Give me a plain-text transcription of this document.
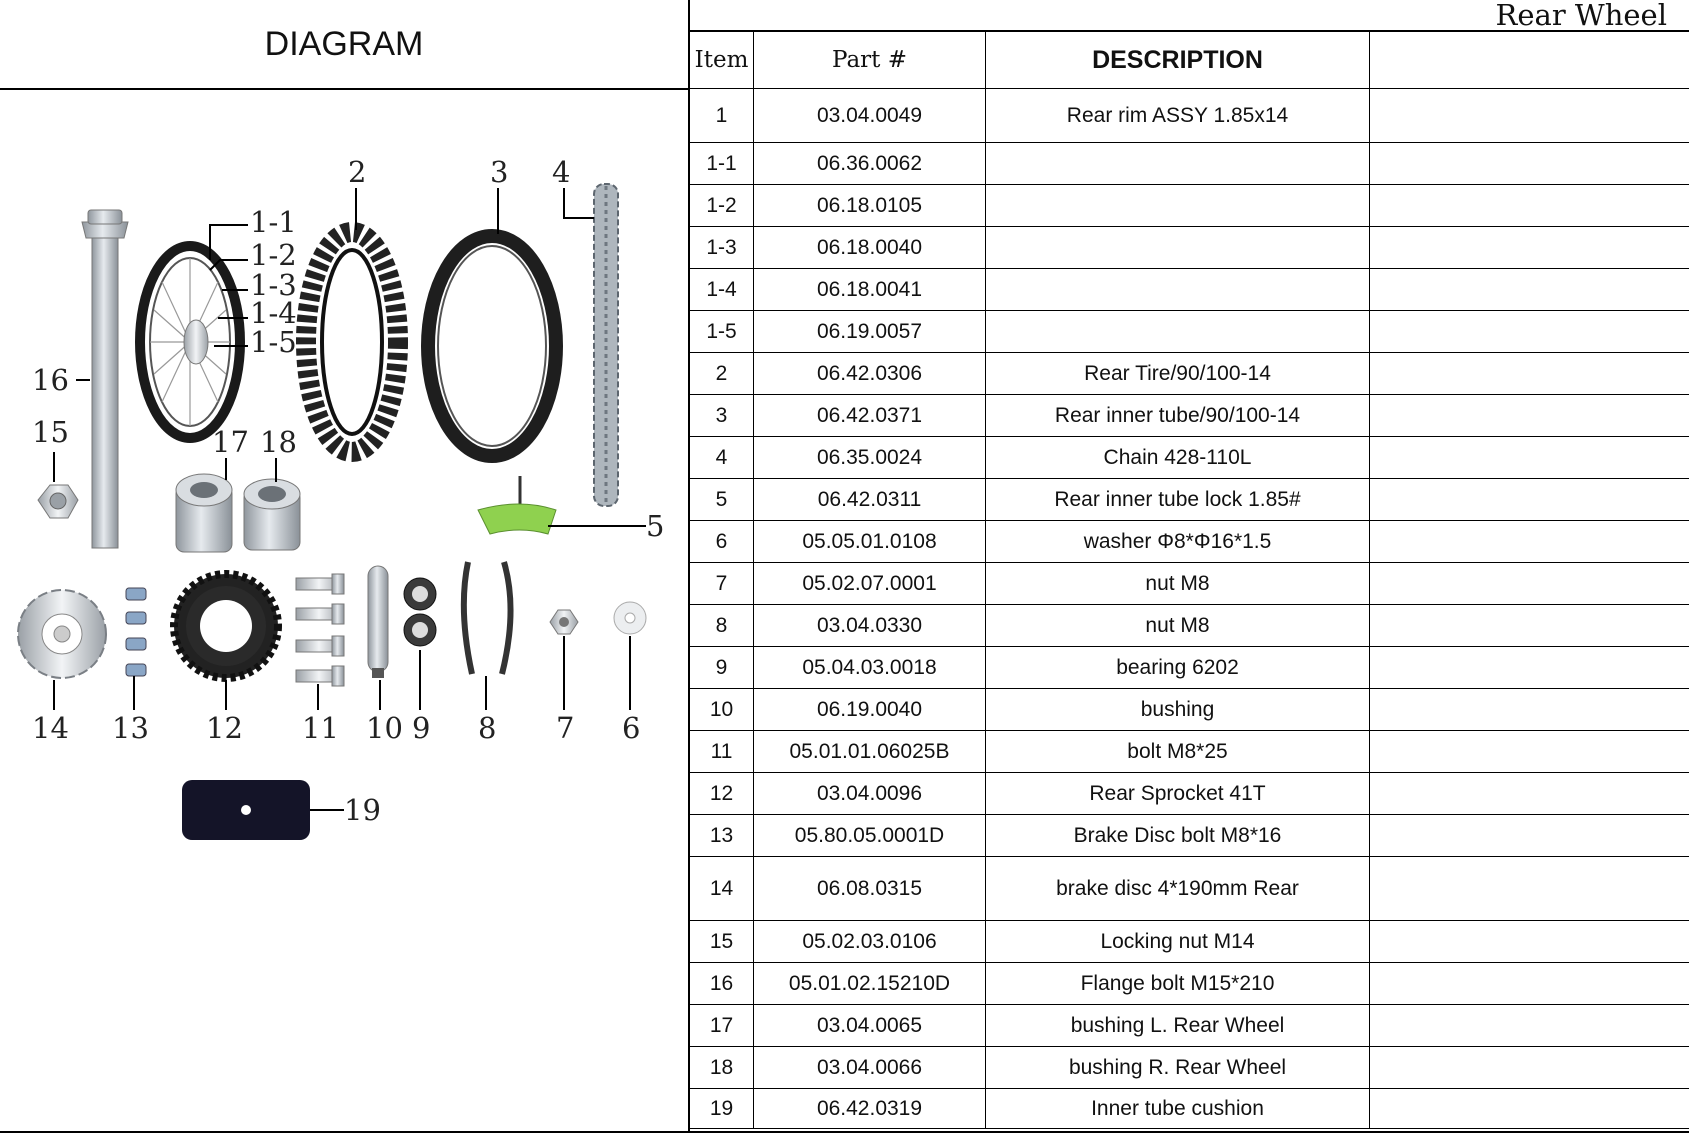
DIAGRAM
16
15
1-1
1-2
1-3
1-4
1-5
2	3 4
5
17 18
14 13 12 11 10 9 8 7 6
19
Rear Wheel
Item	Part #	DESCRIPTION	
1	03.04.0049	Rear rim ASSY 1.85x14	
1-1	06.36.0062		
1-2	06.18.0105		
1-3	06.18.0040		
1-4	06.18.0041		
1-5	06.19.0057		
2	06.42.0306	Rear Tire/90/100-14	
3	06.42.0371	Rear inner tube/90/100-14	
4	06.35.0024	Chain 428-110L	
5	06.42.0311	Rear inner tube lock 1.85#	
6	05.05.01.0108	washer Φ8*Φ16*1.5	
7	05.02.07.0001	nut M8	
8	03.04.0330	nut M8	
9	05.04.03.0018	bearing 6202	
10	06.19.0040	bushing	
11	05.01.01.06025B	bolt M8*25	
12	03.04.0096	Rear Sprocket 41T	
13	05.80.05.0001D	Brake Disc bolt M8*16	
14	06.08.0315	brake disc 4*190mm Rear	
15	05.02.03.0106	Locking nut M14	
16	05.01.02.15210D	Flange bolt M15*210	
17	03.04.0065	bushing L. Rear Wheel	
18	03.04.0066	bushing R. Rear Wheel	
19	06.42.0319	Inner tube cushion	
